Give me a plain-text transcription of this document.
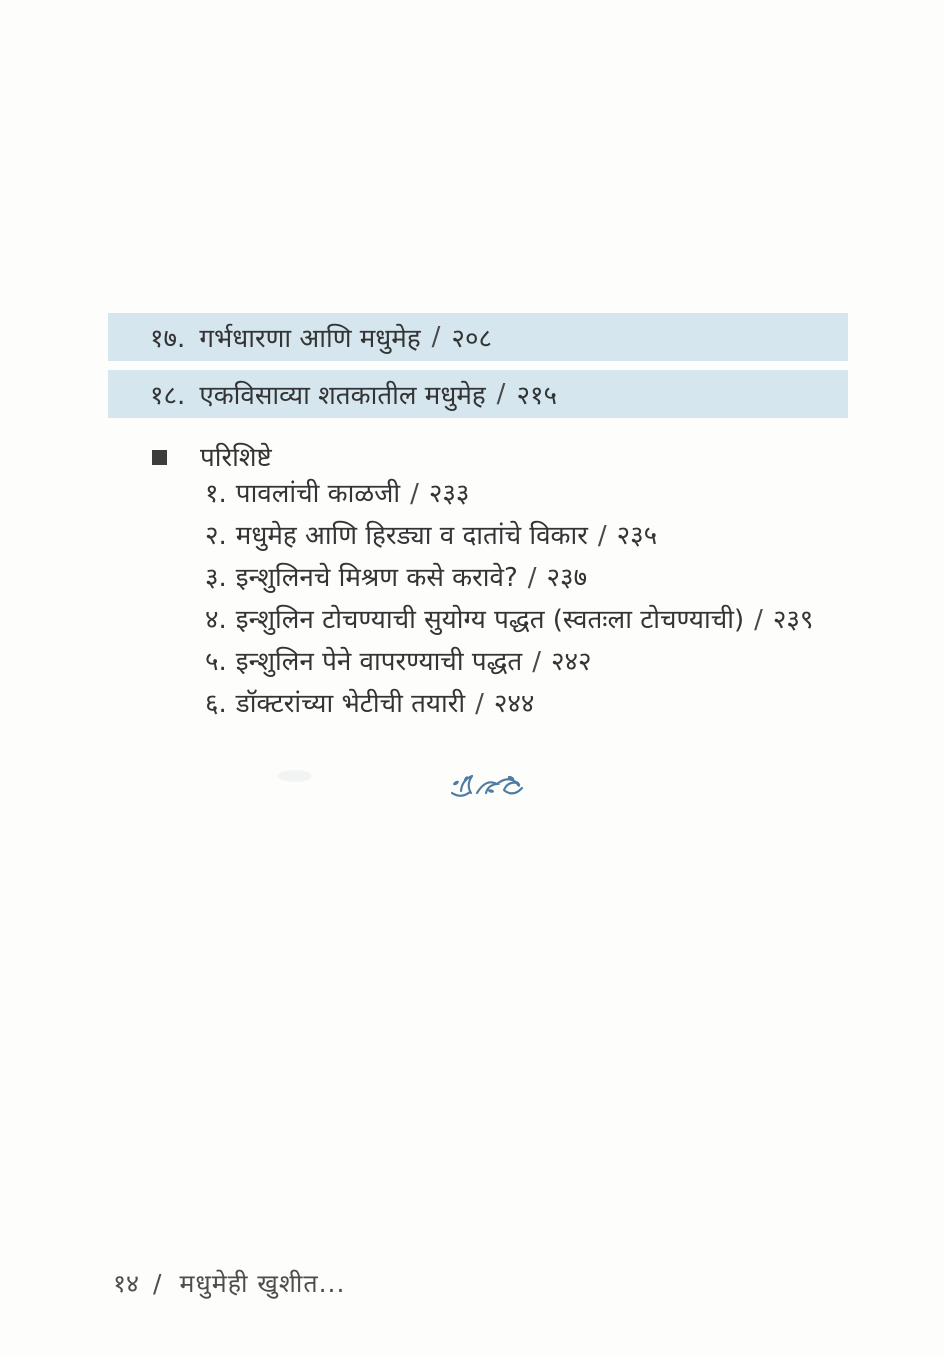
१७. गर्भधारणा आणि मधुमेह / २०८
१८. एकविसाव्या शतकातील मधुमेह / २१५
परिशिष्टे
१. पावलांची काळजी / २३३
२. मधुमेह आणि हिरड्या व दातांचे विकार / २३५
३. इन्शुलिनचे मिश्रण कसे करावे? / २३७
४. इन्शुलिन टोचण्याची सुयोग्य पद्धत (स्वतःला टोचण्याची) / २३९
५. इन्शुलिन पेने वापरण्याची पद्धत / २४२
६. डॉक्टरांच्या भेटीची तयारी / २४४
१४ / मधुमेही खुशीत...
